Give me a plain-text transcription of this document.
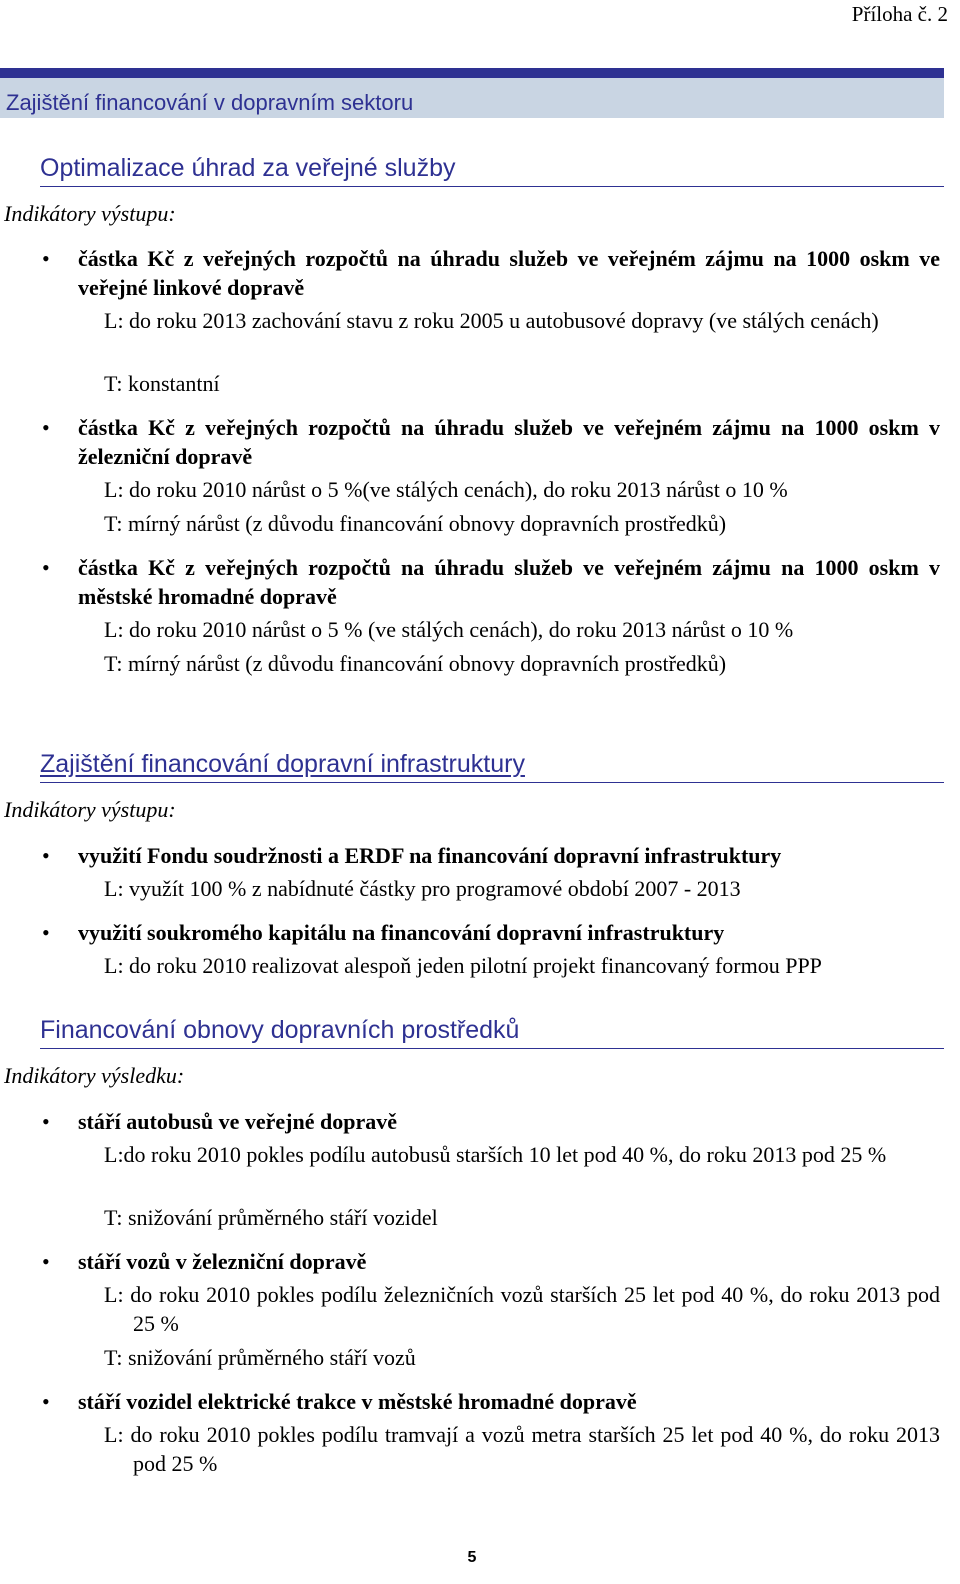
Příloha č. 2
Zajištění financování v dopravním sektoru
Optimalizace úhrad za veřejné služby
Indikátory výstupu:
• částka Kč z veřejných rozpočtů na úhradu služeb ve veřejném zájmu na 1000 oskm ve veřejné linkové dopravě
L: do roku 2013 zachování stavu z roku 2005 u autobusové dopravy (ve stálých cenách)
T: konstantní
• částka Kč z veřejných rozpočtů na úhradu služeb ve veřejném zájmu na 1000 oskm v železniční dopravě
L: do roku 2010 nárůst o 5 %(ve stálých cenách), do roku 2013 nárůst o 10 %
T: mírný nárůst (z důvodu financování obnovy dopravních prostředků)
• částka Kč z veřejných rozpočtů na úhradu služeb ve veřejném zájmu na 1000 oskm v městské hromadné dopravě
L: do roku 2010 nárůst o 5 % (ve stálých cenách), do roku 2013 nárůst o 10 %
T: mírný nárůst (z důvodu financování obnovy dopravních prostředků)
Zajištění financování dopravní infrastruktury
Indikátory výstupu:
• využití Fondu soudržnosti a ERDF na financování dopravní infrastruktury
L: využít 100 % z nabídnuté částky pro programové období 2007 - 2013
• využití soukromého kapitálu na financování dopravní infrastruktury
L: do roku 2010 realizovat alespoň jeden pilotní projekt financovaný formou PPP
Financování obnovy dopravních prostředků
Indikátory výsledku:
• stáří autobusů ve veřejné dopravě
L:do roku 2010 pokles podílu autobusů starších 10 let pod 40 %, do roku 2013 pod 25 %
T: snižování průměrného stáří vozidel
• stáří vozů v železniční dopravě
L: do roku 2010 pokles podílu železničních vozů starších 25 let pod 40 %, do roku 2013 pod 25 %
T: snižování průměrného stáří vozů
• stáří vozidel elektrické trakce v městské hromadné dopravě
L: do roku 2010 pokles podílu tramvají a vozů metra starších 25 let pod 40 %, do roku 2013 pod 25 %
5
